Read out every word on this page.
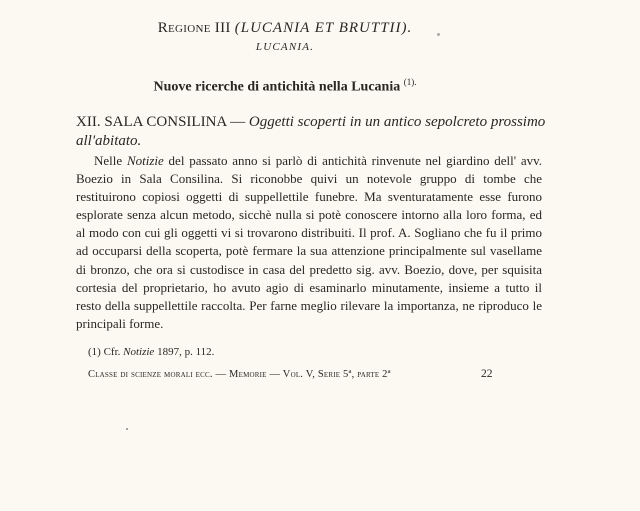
Regione III (LUCANIA ET BRUTTII).
LUCANIA.
Nuove ricerche di antichità nella Lucania $^{(1).}$
XII. SALA CONSILINA — Oggetti scoperti in un antico sepolcreto prossimo all'abitato.
Nelle Notizie del passato anno si parlò di antichità rinvenute nel giardino dell' avv. Boezio in Sala Consilina. Si riconobbe quivi un notevole gruppo di tombe che restituirono copiosi oggetti di suppellettile funebre. Ma sventuratamente esse furono esplorate senza alcun metodo, sicchè nulla si potè conoscere intorno alla loro forma, ed al modo con cui gli oggetti vi si trovarono distribuiti. Il prof. A. Sogliano che fu il primo ad occuparsi della scoperta, potè fermare la sua attenzione principalmente sul vasellame di bronzo, che ora si custodisce in casa del predetto sig. avv. Boezio, dove, per squisita cortesia del proprietario, ho avuto agio di esaminarlo minutamente, insieme a tutto il resto della suppellettile raccolta. Per farne meglio rilevare la importanza, ne riproduco le principali forme.
(1) Cfr. Notizie 1897, p. 112.
Classe di scienze morali ecc. — Memorie — Vol. V, Serie 5ª, parte 2ª	22
